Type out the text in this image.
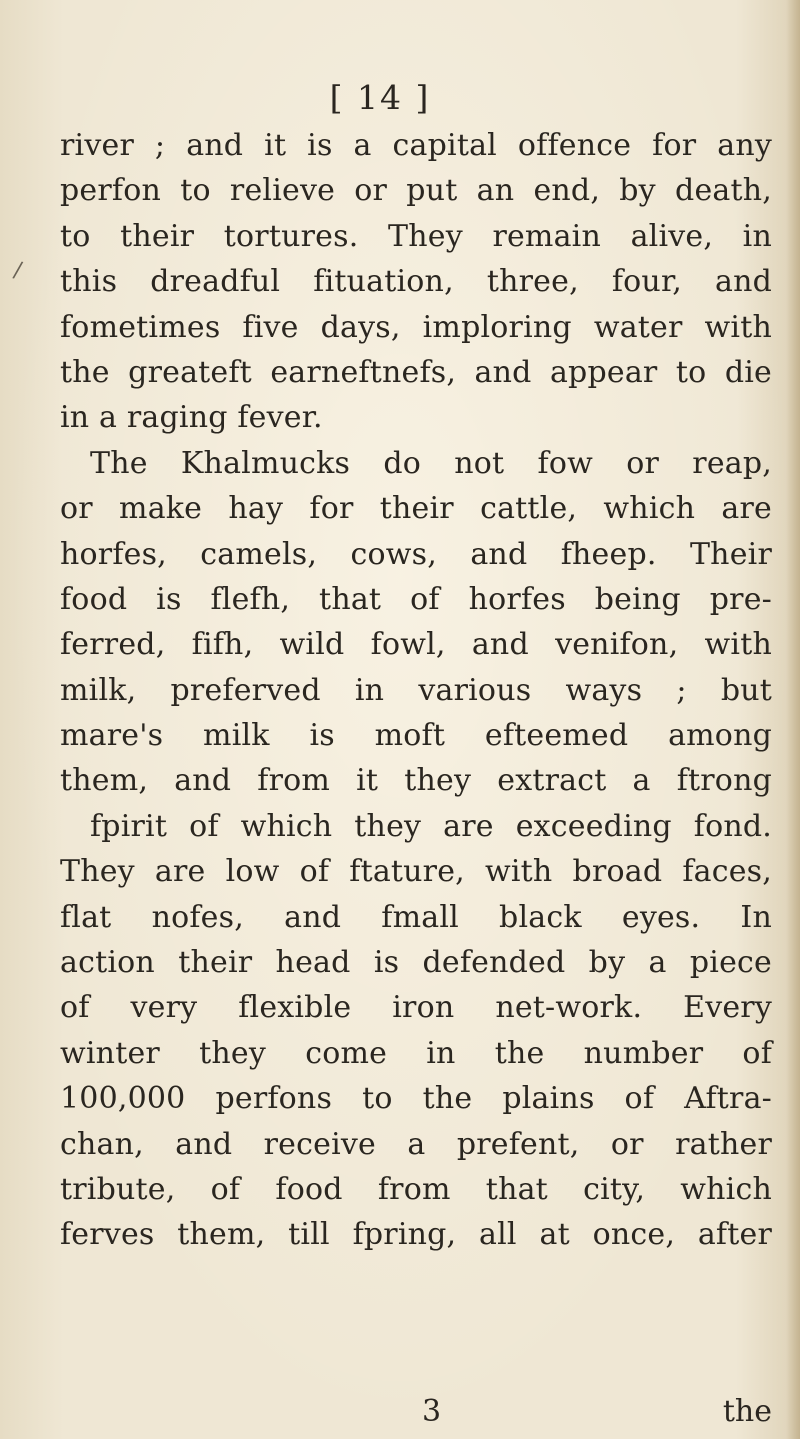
[ 14 ]
/
river ; and it is a capital offence for any
perfon to relieve or put an end, by death,
to their tortures. They remain alive, in
this dreadful fituation, three, four, and
fometimes five days, imploring water with
the greateft earneftnefs, and appear to die
in a raging fever.
The Khalmucks do not fow or reap,
or make hay for their cattle, which are
horfes, camels, cows, and fheep. Their
food is flefh, that of horfes being pre-
ferred, fifh, wild fowl, and venifon, with
milk, preferved in various ways ; but
mare's milk is moft efteemed among
them, and from it they extract a ftrong
fpirit of which they are exceeding fond.
They are low of ftature, with broad faces,
flat nofes, and fmall black eyes. In
action their head is defended by a piece
of very flexible iron net-work. Every
winter they come in the number of
100,000 perfons to the plains of Aftra-
chan, and receive a prefent, or rather
tribute, of food from that city, which
ferves them, till fpring, all at once, after
3	the
